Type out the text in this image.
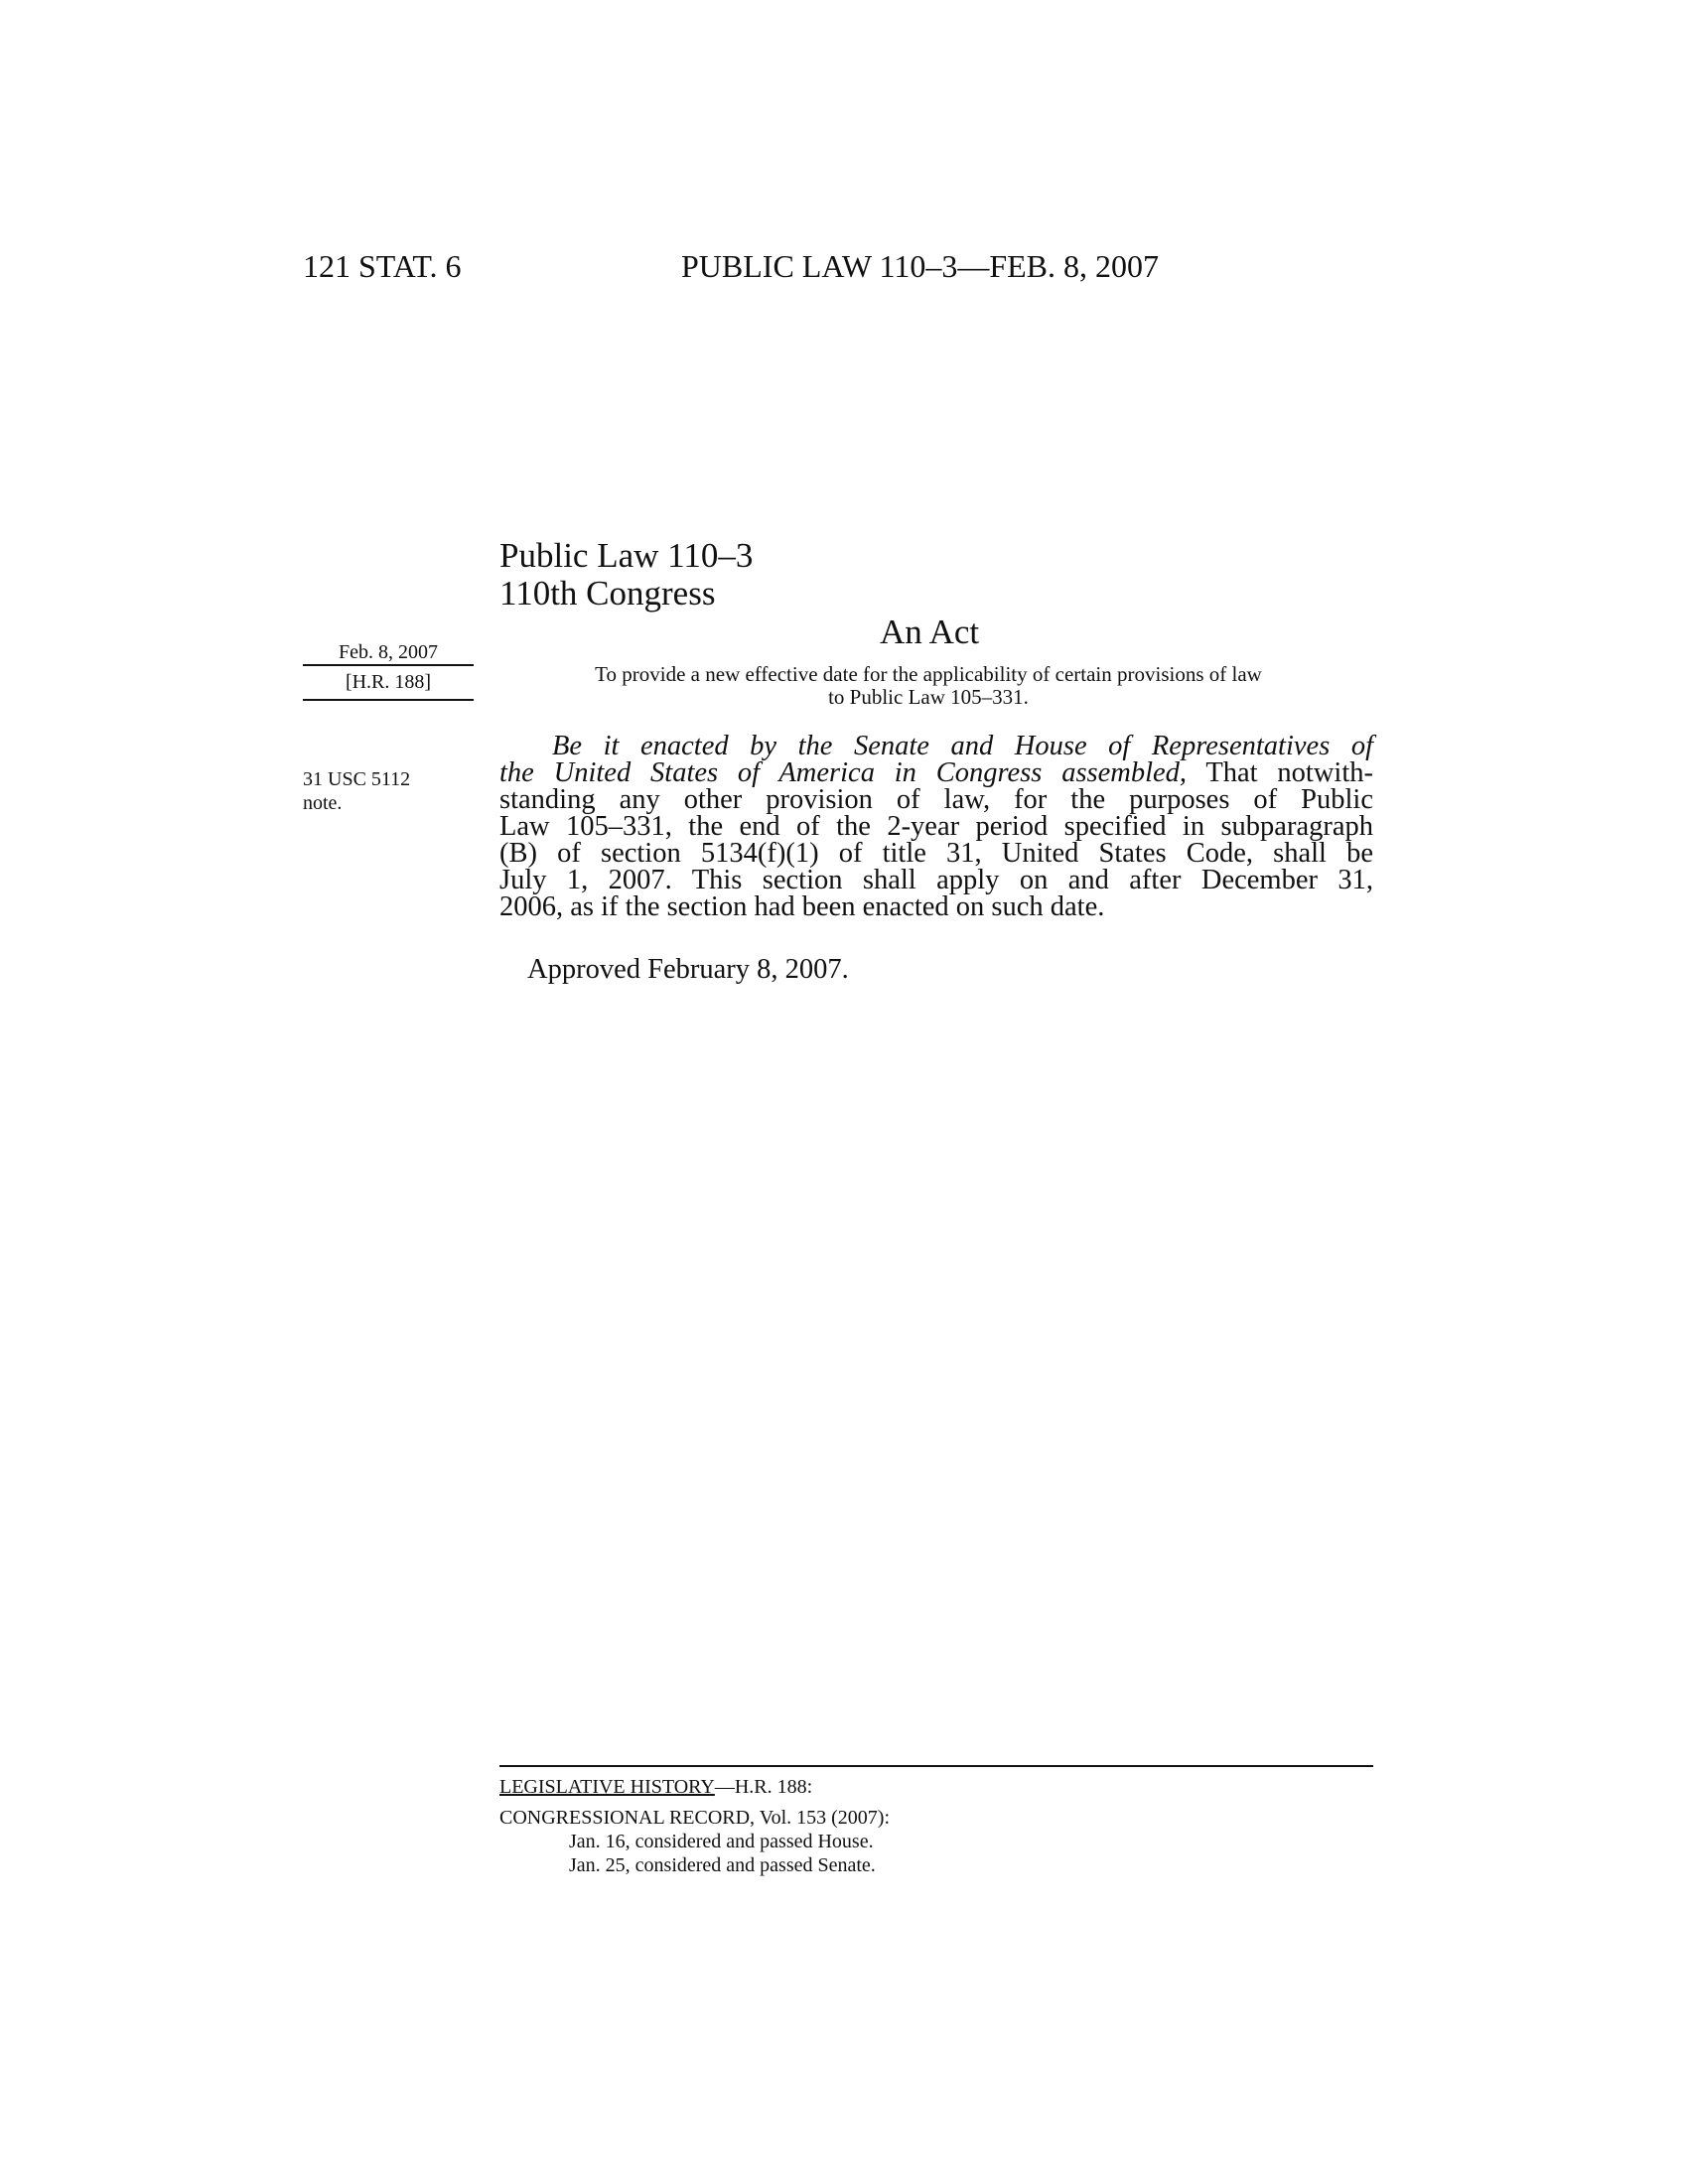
121 STAT. 6	PUBLIC LAW 110–3—FEB. 8, 2007
Public Law 110–3
110th Congress
An Act
Feb. 8, 2007
[H.R. 188]
31 USC 5112
note.
To provide a new effective date for the applicability of certain provisions of law
to Public Law 105–331.
Be it enacted by the Senate and House of Representatives of
the United States of America in Congress assembled, That notwith-
standing any other provision of law, for the purposes of Public
Law 105–331, the end of the 2-year period specified in subparagraph
(B) of section 5134(f)(1) of title 31, United States Code, shall be
July 1, 2007. This section shall apply on and after December 31,
2006, as if the section had been enacted on such date.
Approved February 8, 2007.
LEGISLATIVE HISTORY—H.R. 188:
CONGRESSIONAL RECORD, Vol. 153 (2007):
Jan. 16, considered and passed House.
Jan. 25, considered and passed Senate.
